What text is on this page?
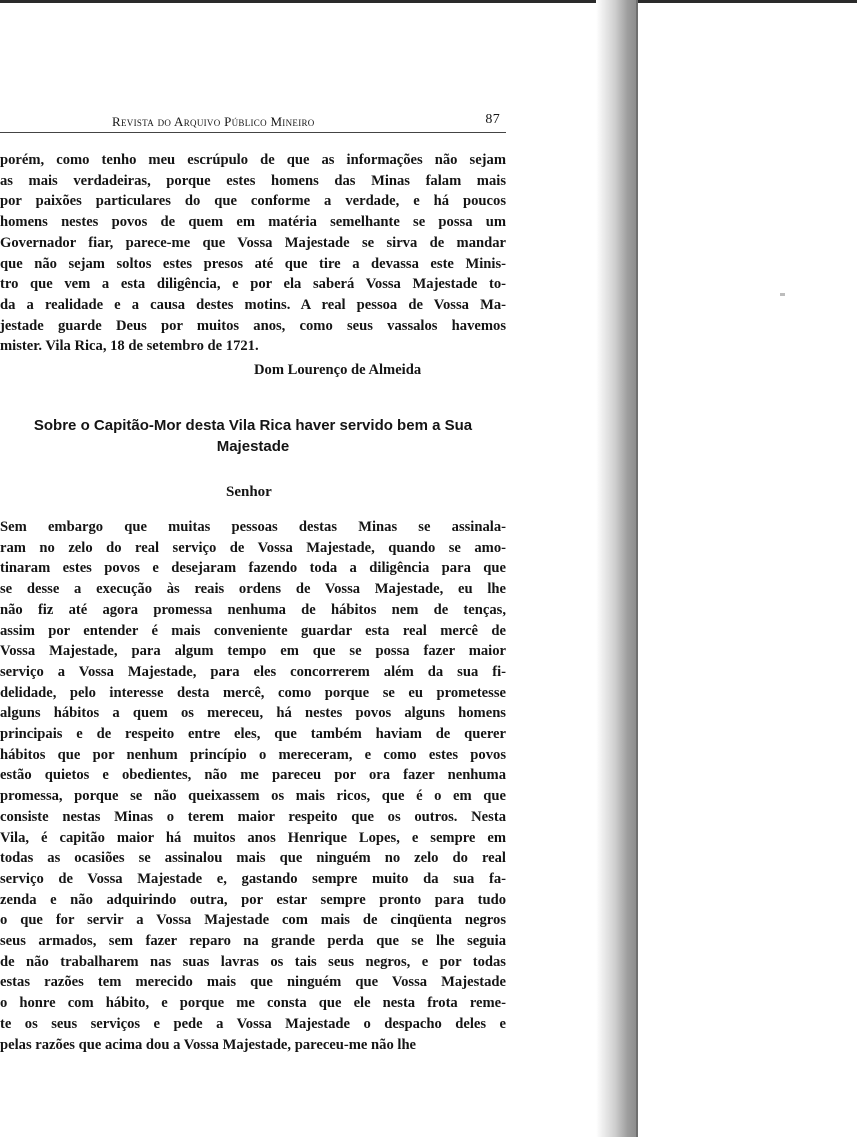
Revista do Arquivo Público Mineiro	87

porém, como tenho meu escrúpulo de que as informações não sejam
as mais verdadeiras, porque estes homens das Minas falam mais
por paixões particulares do que conforme a verdade, e há poucos
homens nestes povos de quem em matéria semelhante se possa um
Governador fiar, parece-me que Vossa Majestade se sirva de mandar
que não sejam soltos estes presos até que tire a devassa este Minis-
tro que vem a esta diligência, e por ela saberá Vossa Majestade to-
da a realidade e a causa destes motins. A real pessoa de Vossa Ma-
jestade guarde Deus por muitos anos, como seus vassalos havemos
mister. Vila Rica, 18 de setembro de 1721.

Dom Lourenço de Almeida
Sobre o Capitão-Mor desta Vila Rica haver servido bem a Sua
Majestade
Senhor

Sem embargo que muitas pessoas destas Minas se assinala-
ram no zelo do real serviço de Vossa Majestade, quando se amo-
tinaram estes povos e desejaram fazendo toda a diligência para que
se desse a execução às reais ordens de Vossa Majestade, eu lhe
não fiz até agora promessa nenhuma de hábitos nem de tenças,
assim por entender é mais conveniente guardar esta real mercê de
Vossa Majestade, para algum tempo em que se possa fazer maior
serviço a Vossa Majestade, para eles concorrerem além da sua fi-
delidade, pelo interesse desta mercê, como porque se eu prometesse
alguns hábitos a quem os mereceu, há nestes povos alguns homens
principais e de respeito entre eles, que também haviam de querer
hábitos que por nenhum princípio o mereceram, e como estes povos
estão quietos e obedientes, não me pareceu por ora fazer nenhuma
promessa, porque se não queixassem os mais ricos, que é o em que
consiste nestas Minas o terem maior respeito que os outros. Nesta
Vila, é capitão maior há muitos anos Henrique Lopes, e sempre em
todas as ocasiões se assinalou mais que ninguém no zelo do real
serviço de Vossa Majestade e, gastando sempre muito da sua fa-
zenda e não adquirindo outra, por estar sempre pronto para tudo
o que for servir a Vossa Majestade com mais de cinqüenta negros
seus armados, sem fazer reparo na grande perda que se lhe seguia
de não trabalharem nas suas lavras os tais seus negros, e por todas
estas razões tem merecido mais que ninguém que Vossa Majestade
o honre com hábito, e porque me consta que ele nesta frota reme-
te os seus serviços e pede a Vossa Majestade o despacho deles e
pelas razões que acima dou a Vossa Majestade, pareceu-me não lhe
